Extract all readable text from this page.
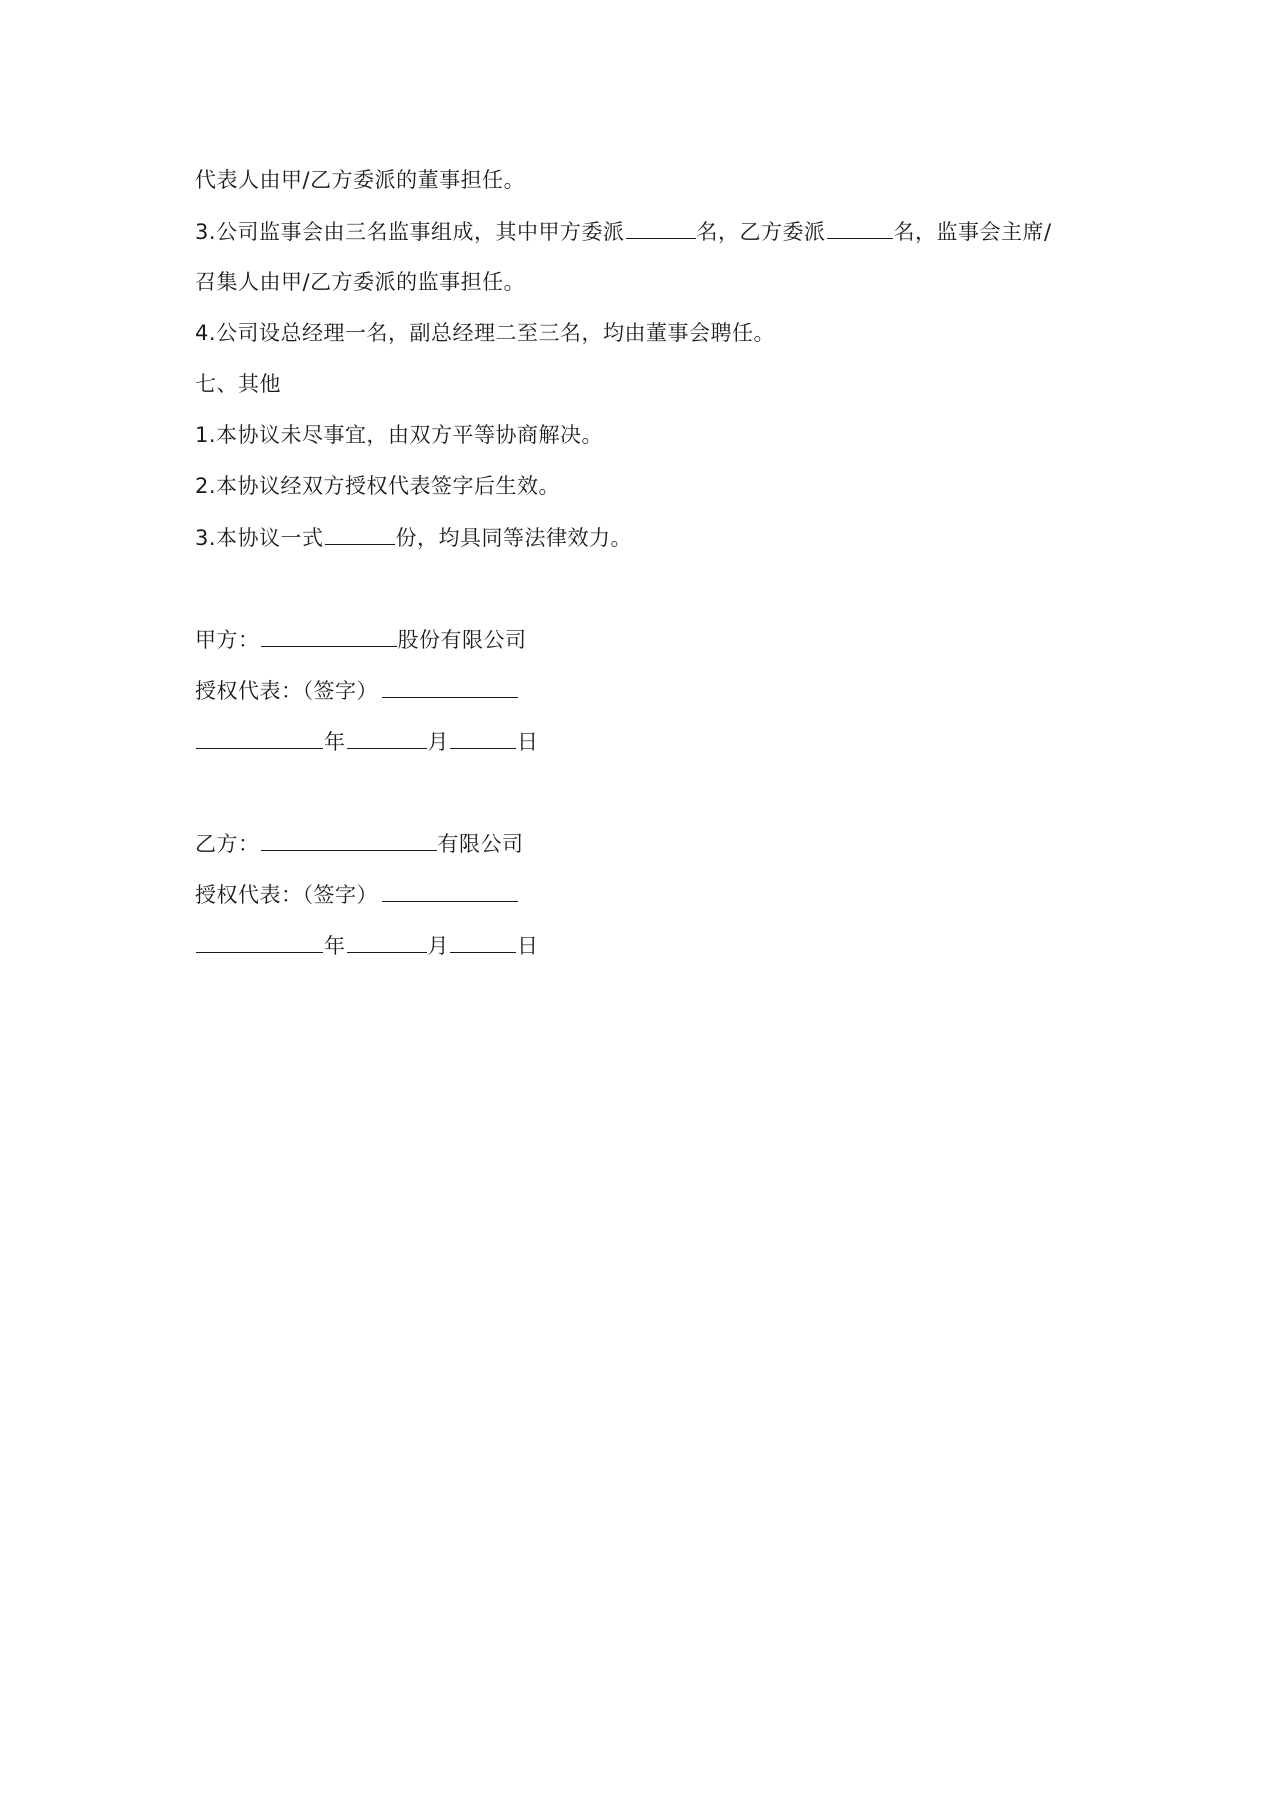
代表人由甲/乙方委派的董事担任。
3.公司监事会由三名监事组成，其中甲方委派	名，乙方委派	名，监事会主席/
召集人由甲/乙方委派的监事担任。
4.公司设总经理一名，副总经理二至三名，均由董事会聘任。
七、其他
1.本协议未尽事宜，由双方平等协商解决。
2.本协议经双方授权代表签字后生效。
3.本协议一式	份，均具同等法律效力。
甲方：	股份有限公司
授权代表：（签字）
年	月	日
乙方：	有限公司
授权代表：（签字）
年	月	日
